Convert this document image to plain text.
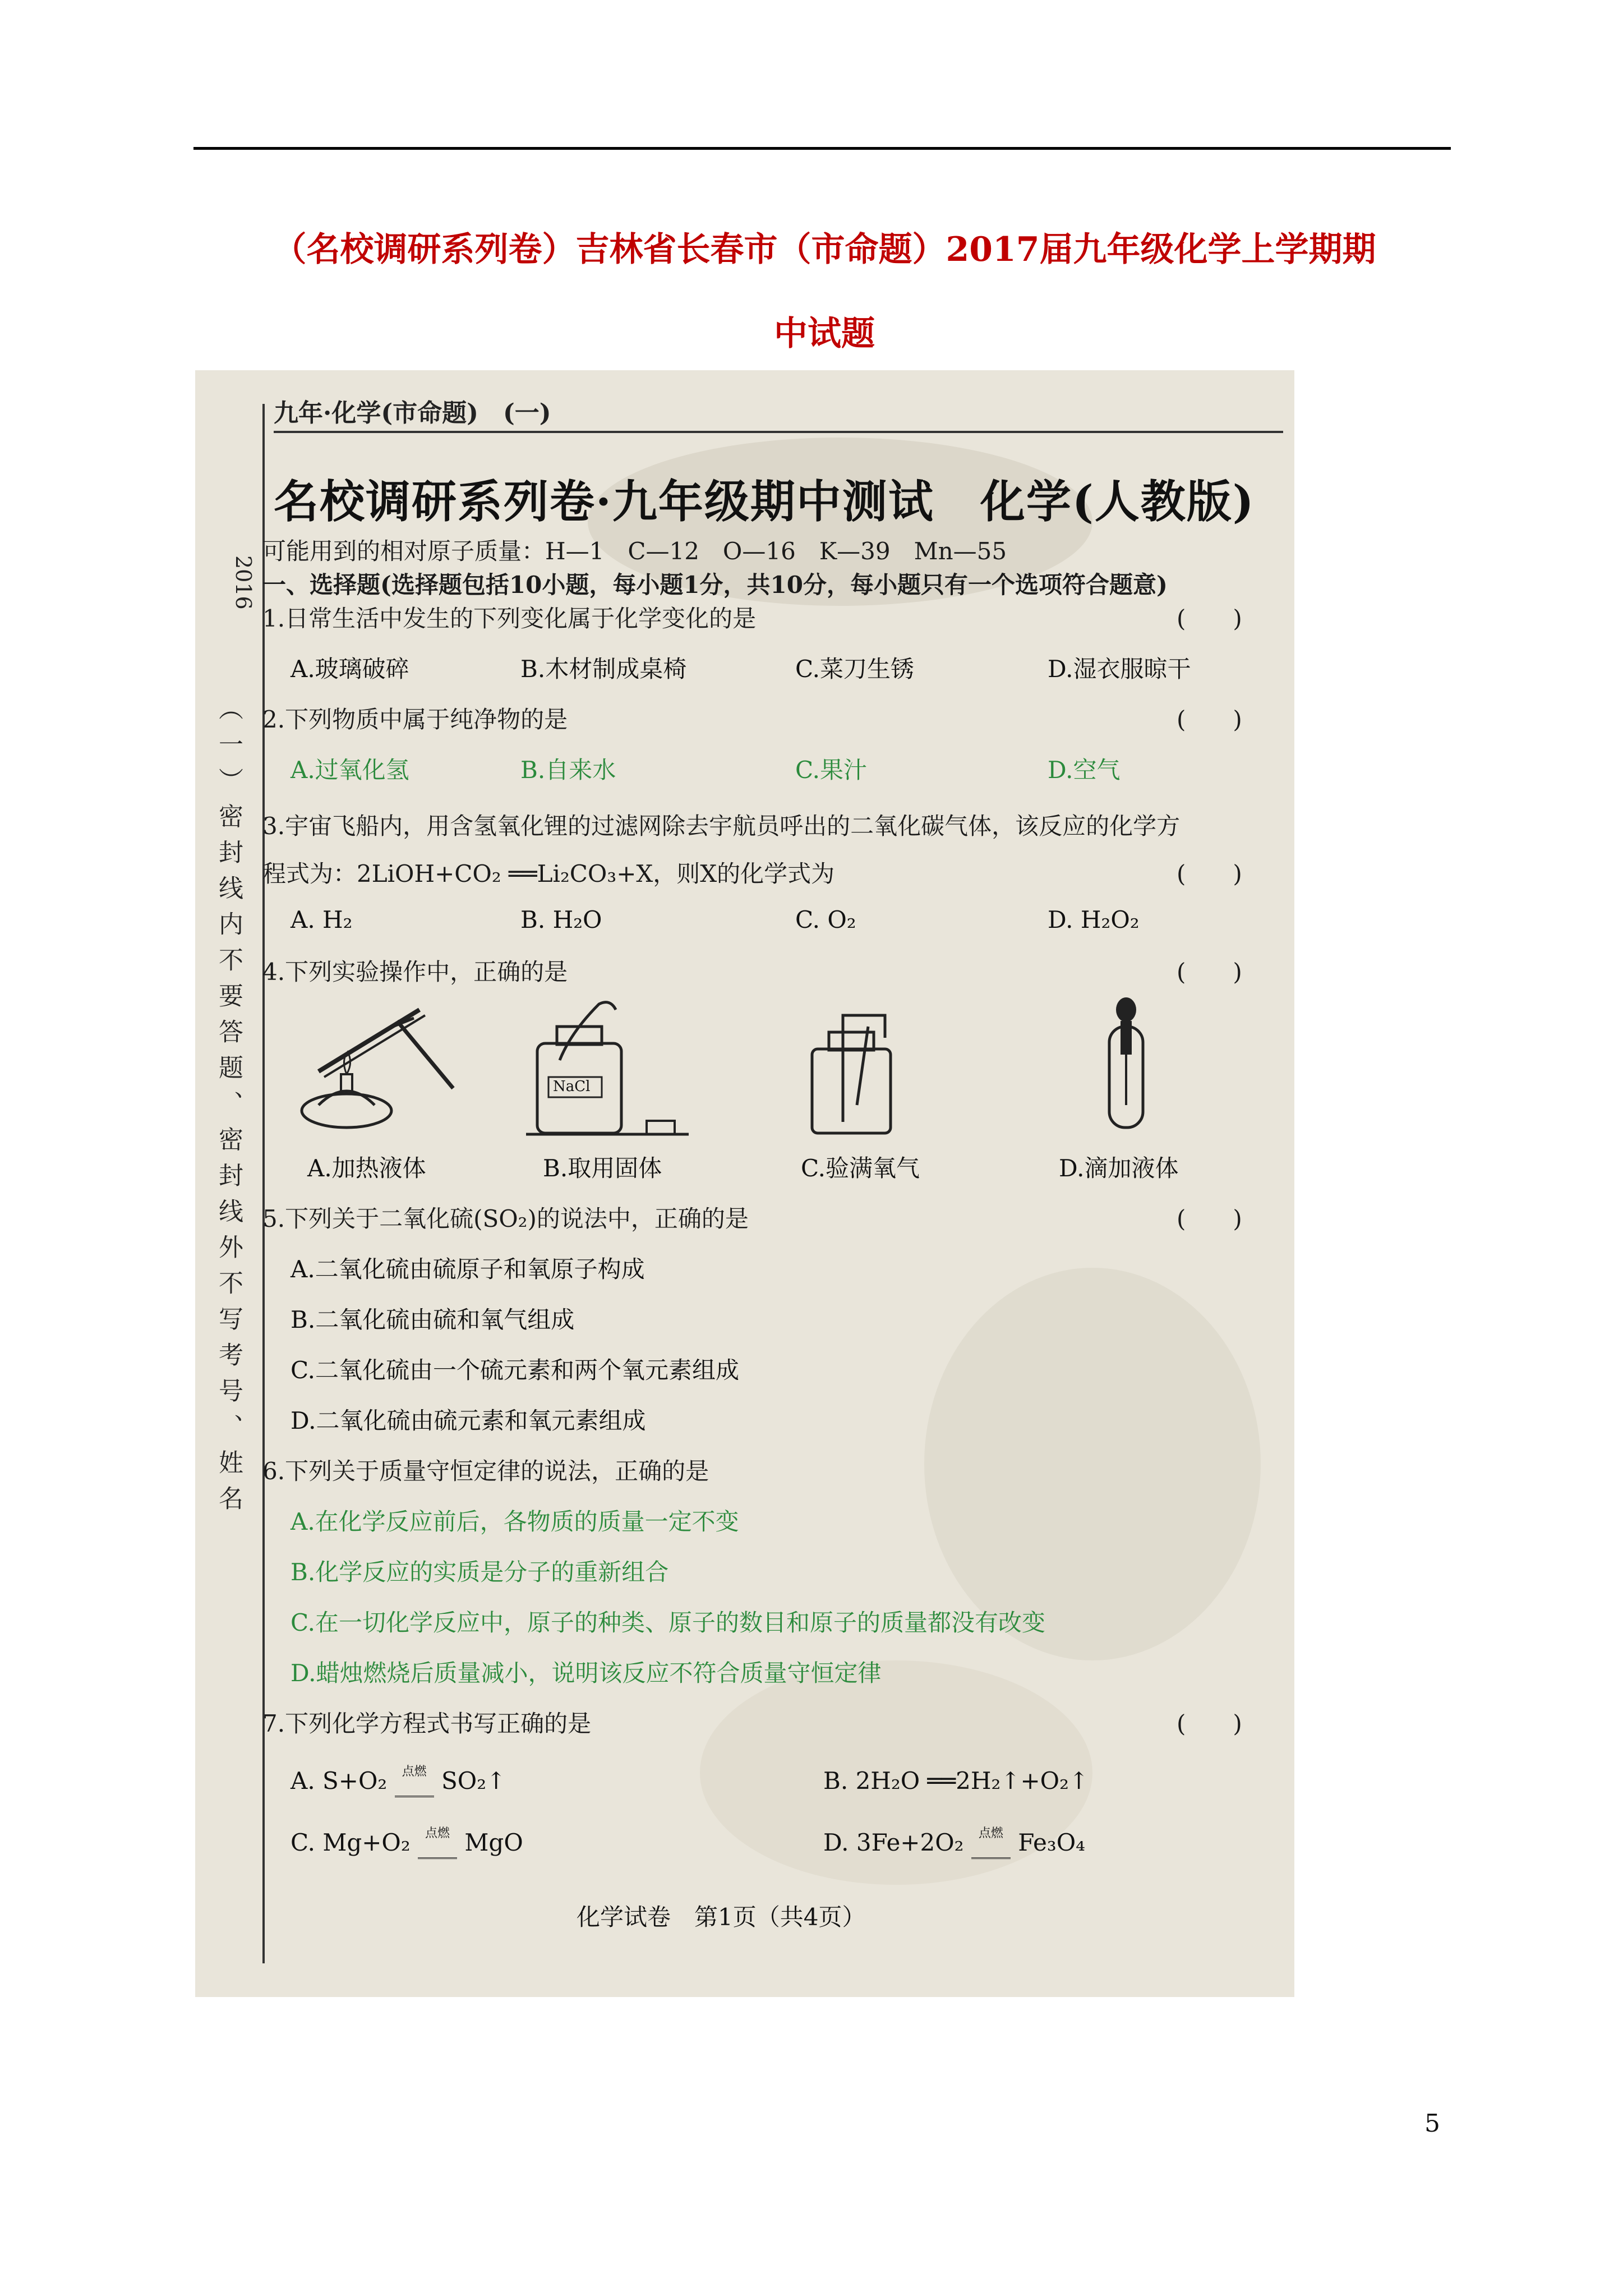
（名校调研系列卷）吉林省长春市（市命题）2017届九年级化学上学期期
中试题
2016
（一）密封线内不要答题、密封线外不写考号、姓名
九年·化学(市命题)　(一)
名校调研系列卷·九年级期中测试　化学(人教版)
可能用到的相对原子质量：H—1　C—12　O—16　K—39　Mn—55
一、选择题(选择题包括10小题，每小题1分，共10分，每小题只有一个选项符合题意)
1.日常生活中发生的下列变化属于化学变化的是	(　　)
A.玻璃破碎	B.木材制成桌椅	C.菜刀生锈	D.湿衣服晾干
2.下列物质中属于纯净物的是	(　　)
A.过氧化氢	B.自来水	C.果汁	D.空气
3.宇宙飞船内，用含氢氧化锂的过滤网除去宇航员呼出的二氧化碳气体，该反应的化学方
程式为：2LiOH+CO₂ ══Li₂CO₃+X，则X的化学式为	(　　)
A. H₂	B. H₂O	C. O₂	D. H₂O₂
4.下列实验操作中，正确的是	(　　)
NaCl
A.加热液体	B.取用固体	C.验满氧气	D.滴加液体
5.下列关于二氧化硫(SO₂)的说法中，正确的是	(　　)
A.二氧化硫由硫原子和氧原子构成
B.二氧化硫由硫和氧气组成
C.二氧化硫由一个硫元素和两个氧元素组成
D.二氧化硫由硫元素和氧元素组成
6.下列关于质量守恒定律的说法，正确的是
A.在化学反应前后，各物质的质量一定不变
B.化学反应的实质是分子的重新组合
C.在一切化学反应中，原子的种类、原子的数目和原子的质量都没有改变
D.蜡烛燃烧后质量减小，说明该反应不符合质量守恒定律
7.下列化学方程式书写正确的是	(　　)
A. S+O₂ $^{点燃}$ SO₂↑	B. 2H₂O ══2H₂↑+O₂↑
C. Mg+O₂ $^{点燃}$ MgO	D. 3Fe+2O₂ $^{点燃}$ Fe₃O₄
化学试卷　第1页（共4页）
5
